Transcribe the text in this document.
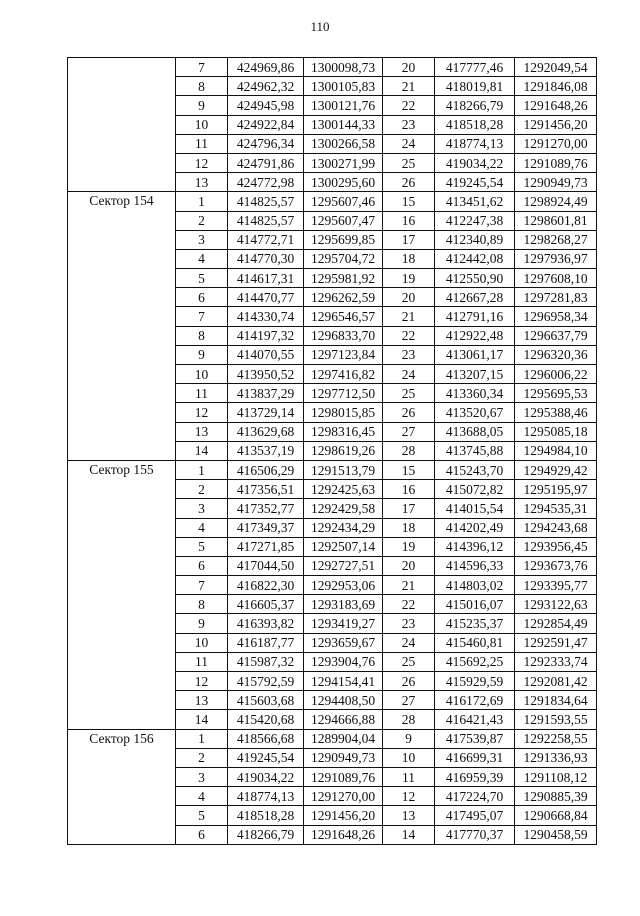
110
	7	424969,86	1300098,73	20	417777,46	1292049,54
	8	424962,32	1300105,83	21	418019,81	1291846,08
	9	424945,98	1300121,76	22	418266,79	1291648,26
	10	424922,84	1300144,33	23	418518,28	1291456,20
	11	424796,34	1300266,58	24	418774,13	1291270,00
	12	424791,86	1300271,99	25	419034,22	1291089,76
	13	424772,98	1300295,60	26	419245,54	1290949,73
Сектор 154	1	414825,57	1295607,46	15	413451,62	1298924,49
	2	414825,57	1295607,47	16	412247,38	1298601,81
	3	414772,71	1295699,85	17	412340,89	1298268,27
	4	414770,30	1295704,72	18	412442,08	1297936,97
	5	414617,31	1295981,92	19	412550,90	1297608,10
	6	414470,77	1296262,59	20	412667,28	1297281,83
	7	414330,74	1296546,57	21	412791,16	1296958,34
	8	414197,32	1296833,70	22	412922,48	1296637,79
	9	414070,55	1297123,84	23	413061,17	1296320,36
	10	413950,52	1297416,82	24	413207,15	1296006,22
	11	413837,29	1297712,50	25	413360,34	1295695,53
	12	413729,14	1298015,85	26	413520,67	1295388,46
	13	413629,68	1298316,45	27	413688,05	1295085,18
	14	413537,19	1298619,26	28	413745,88	1294984,10
Сектор 155	1	416506,29	1291513,79	15	415243,70	1294929,42
	2	417356,51	1292425,63	16	415072,82	1295195,97
	3	417352,77	1292429,58	17	414015,54	1294535,31
	4	417349,37	1292434,29	18	414202,49	1294243,68
	5	417271,85	1292507,14	19	414396,12	1293956,45
	6	417044,50	1292727,51	20	414596,33	1293673,76
	7	416822,30	1292953,06	21	414803,02	1293395,77
	8	416605,37	1293183,69	22	415016,07	1293122,63
	9	416393,82	1293419,27	23	415235,37	1292854,49
	10	416187,77	1293659,67	24	415460,81	1292591,47
	11	415987,32	1293904,76	25	415692,25	1292333,74
	12	415792,59	1294154,41	26	415929,59	1292081,42
	13	415603,68	1294408,50	27	416172,69	1291834,64
	14	415420,68	1294666,88	28	416421,43	1291593,55
Сектор 156	1	418566,68	1289904,04	9	417539,87	1292258,55
	2	419245,54	1290949,73	10	416699,31	1291336,93
	3	419034,22	1291089,76	11	416959,39	1291108,12
	4	418774,13	1291270,00	12	417224,70	1290885,39
	5	418518,28	1291456,20	13	417495,07	1290668,84
	6	418266,79	1291648,26	14	417770,37	1290458,59
